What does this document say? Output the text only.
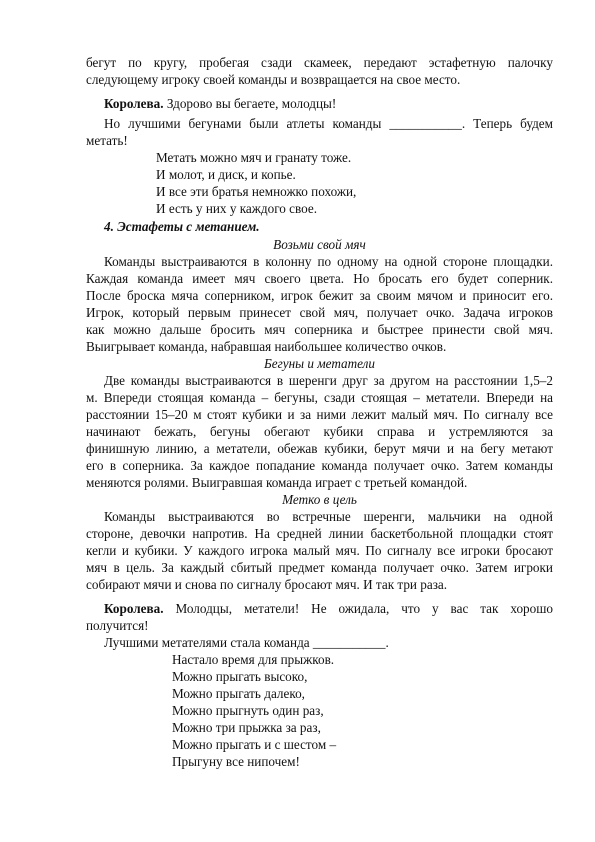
бегут по кругу, пробегая сзади скамеек, передают эстафетную палочку
следующему игроку своей команды и возвращается на свое место.
Королева. Здорово вы бегаете, молодцы!
Но лучшими бегунами были атлеты команды ___________. Теперь будем
метать!
Метать можно мяч и гранату тоже.
И молот, и диск, и копье.
И все эти братья немножко похожи,
И есть у них у каждого свое.
4. Эстафеты с метанием.
Возьми свой мяч
Команды выстраиваются в колонну по одному на одной стороне площадки.
Каждая команда имеет мяч своего цвета. Но бросать его будет соперник.
После броска мяча соперником, игрок бежит за своим мячом и приносит его.
Игрок, который первым принесет свой мяч, получает очко. Задача игроков
как можно дальше бросить мяч соперника и быстрее принести свой мяч.
Выигрывает команда, набравшая наибольшее количество очков.
Бегуны и метатели
Две команды выстраиваются в шеренги друг за другом на расстоянии 1,5–2
м. Впереди стоящая команда – бегуны, сзади стоящая – метатели. Впереди на
расстоянии 15–20 м стоят кубики и за ними лежит малый мяч. По сигналу все
начинают бежать, бегуны обегают кубики справа и устремляются за
финишную линию, а метатели, обежав кубики, берут мячи и на бегу метают
его в соперника. За каждое попадание команда получает очко. Затем команды
меняются ролями. Выигравшая команда играет с третьей командой.
Метко в цель
Команды выстраиваются во встречные шеренги, мальчики на одной
стороне, девочки напротив. На средней линии баскетбольной площадки стоят
кегли и кубики. У каждого игрока малый мяч. По сигналу все игроки бросают
мяч в цель. За каждый сбитый предмет команда получает очко. Затем игроки
собирают мячи и снова по сигналу бросают мяч. И так три раза.
Королева. Молодцы, метатели! Не ожидала, что у вас так хорошо
получится!
Лучшими метателями стала команда ___________.
Настало время для прыжков.
Можно прыгать высоко,
Можно прыгать далеко,
Можно прыгнуть один раз,
Можно три прыжка за раз,
Можно прыгать и с шестом –
Прыгуну все нипочем!
